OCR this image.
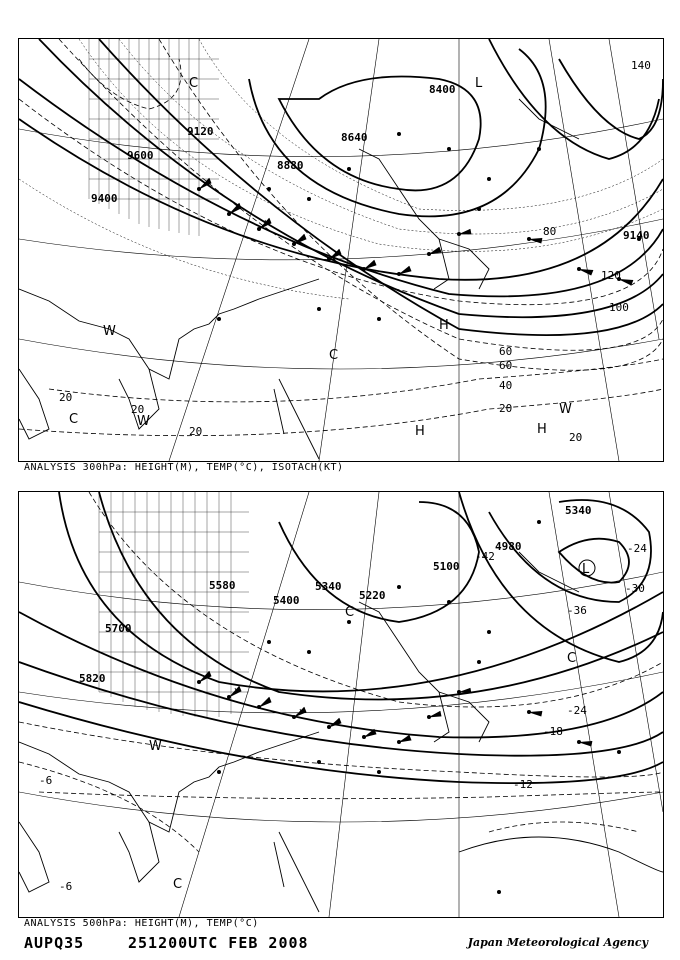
9120	8640
8400
8880
9600
9400
9140
20
20
20
20
20
40
60
60
80
100
120
140
C
C
C
W
W
W
H	H
H
L
ANALYSIS 300hPa: HEIGHT(M), TEMP(°C), ISOTACH(KT)
5820
5700
5580
5400
5340
5340
5220
5100
4980
-6
-6
-12
-18
-24
-24
-30
-36
-42
W
C
C
C
L
ANALYSIS 500hPa: HEIGHT(M), TEMP(°C)
AUPQ35	251200UTC FEB 2008	Japan Meteorological Agency
